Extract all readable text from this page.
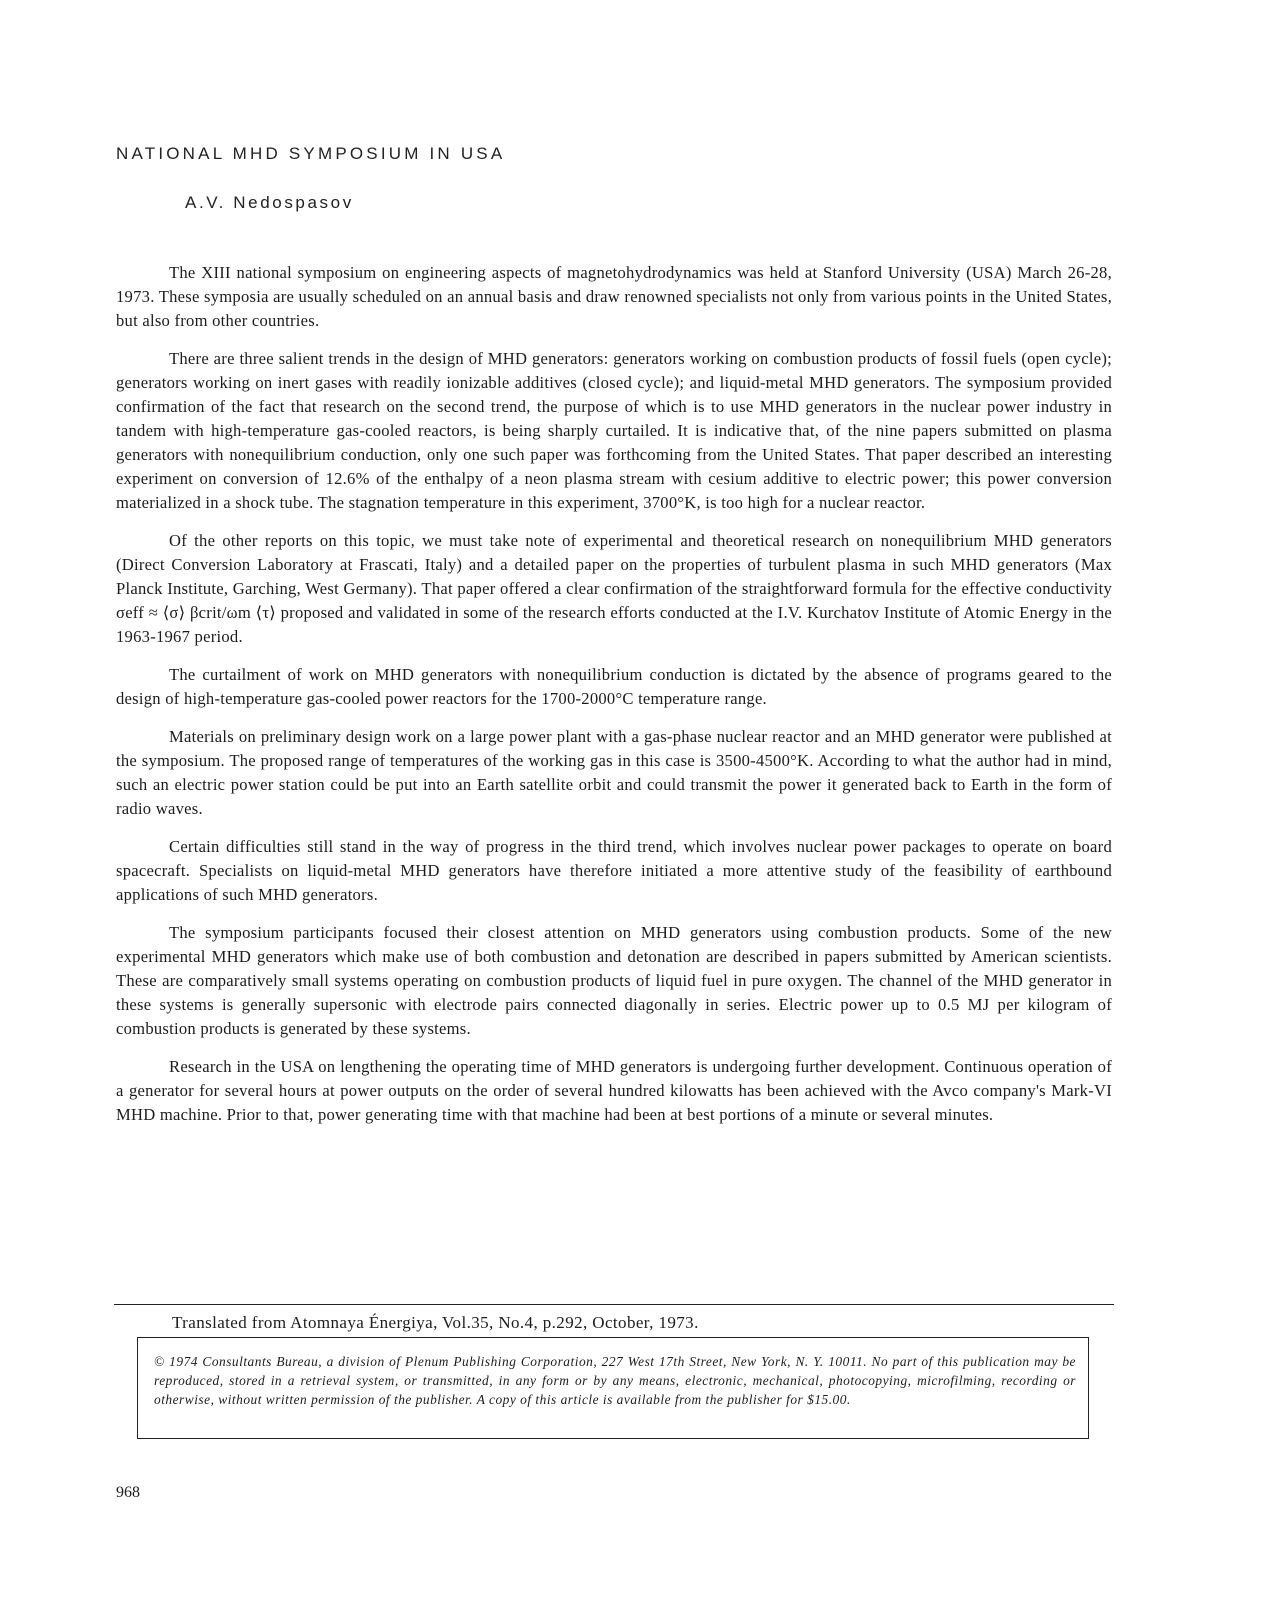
NATIONAL MHD SYMPOSIUM IN USA

A.V. Nedospasov

The XIII national symposium on engineering aspects of magnetohydrodynamics was held at Stanford University (USA) March 26-28, 1973. These symposia are usually scheduled on an annual basis and draw renowned specialists not only from various points in the United States, but also from other countries.

There are three salient trends in the design of MHD generators: generators working on combustion products of fossil fuels (open cycle); generators working on inert gases with readily ionizable additives (closed cycle); and liquid-metal MHD generators. The symposium provided confirmation of the fact that research on the second trend, the purpose of which is to use MHD generators in the nuclear power industry in tandem with high-temperature gas-cooled reactors, is being sharply curtailed. It is indicative that, of the nine papers submitted on plasma generators with nonequilibrium conduction, only one such paper was forthcoming from the United States. That paper described an interesting experiment on conversion of 12.6% of the enthalpy of a neon plasma stream with cesium additive to electric power; this power conversion materialized in a shock tube. The stagnation temperature in this experiment, 3700°K, is too high for a nuclear reactor.

Of the other reports on this topic, we must take note of experimental and theoretical research on nonequilibrium MHD generators (Direct Conversion Laboratory at Frascati, Italy) and a detailed paper on the properties of turbulent plasma in such MHD generators (Max Planck Institute, Garching, West Germany). That paper offered a clear confirmation of the straightforward formula for the effective conductivity σeff ≈ ⟨σ⟩ βcrit/ωm ⟨τ⟩ proposed and validated in some of the research efforts conducted at the I.V. Kurchatov Institute of Atomic Energy in the 1963-1967 period.

The curtailment of work on MHD generators with nonequilibrium conduction is dictated by the absence of programs geared to the design of high-temperature gas-cooled power reactors for the 1700-2000°C temperature range.

Materials on preliminary design work on a large power plant with a gas-phase nuclear reactor and an MHD generator were published at the symposium. The proposed range of temperatures of the working gas in this case is 3500-4500°K. According to what the author had in mind, such an electric power station could be put into an Earth satellite orbit and could transmit the power it generated back to Earth in the form of radio waves.

Certain difficulties still stand in the way of progress in the third trend, which involves nuclear power packages to operate on board spacecraft. Specialists on liquid-metal MHD generators have therefore initiated a more attentive study of the feasibility of earthbound applications of such MHD generators.

The symposium participants focused their closest attention on MHD generators using combustion products. Some of the new experimental MHD generators which make use of both combustion and detonation are described in papers submitted by American scientists. These are comparatively small systems operating on combustion products of liquid fuel in pure oxygen. The channel of the MHD generator in these systems is generally supersonic with electrode pairs connected diagonally in series. Electric power up to 0.5 MJ per kilogram of combustion products is generated by these systems.

Research in the USA on lengthening the operating time of MHD generators is undergoing further development. Continuous operation of a generator for several hours at power outputs on the order of several hundred kilowatts has been achieved with the Avco company's Mark-VI MHD machine. Prior to that, power generating time with that machine had been at best portions of a minute or several minutes.

Translated from Atomnaya Énergiya, Vol.35, No.4, p.292, October, 1973.

© 1974 Consultants Bureau, a division of Plenum Publishing Corporation, 227 West 17th Street, New York, N. Y. 10011. No part of this publication may be reproduced, stored in a retrieval system, or transmitted, in any form or by any means, electronic, mechanical, photocopying, microfilming, recording or otherwise, without written permission of the publisher. A copy of this article is available from the publisher for $15.00.

968
